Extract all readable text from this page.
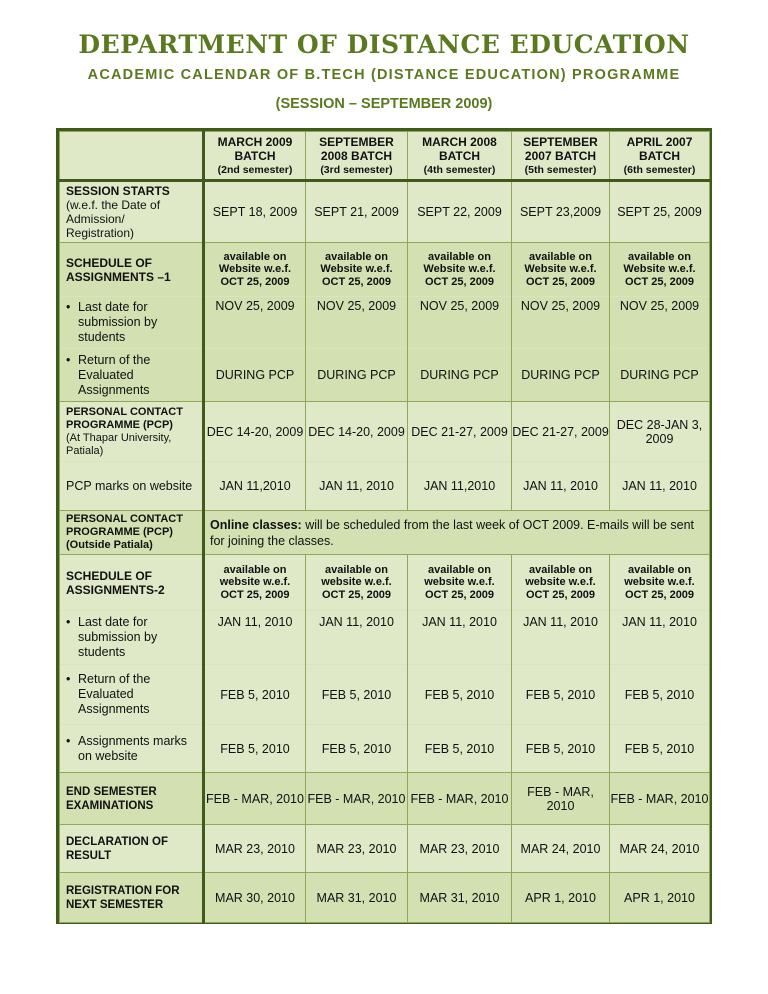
DEPARTMENT OF DISTANCE EDUCATION
ACADEMIC CALENDAR OF B.TECH (DISTANCE EDUCATION) PROGRAMME
(SESSION – SEPTEMBER 2009)
	MARCH 2009
BATCH
(2nd semester)	SEPTEMBER
2008 BATCH
(3rd semester)	MARCH 2008
BATCH
(4th semester)	SEPTEMBER
2007 BATCH
(5th semester)	APRIL 2007
BATCH
(6th semester)

SESSION STARTS
(w.e.f. the Date of Admission/ Registration)	SEPT 18, 2009	SEPT 21, 2009	SEPT 22, 2009	SEPT 23,2009	SEPT 25, 2009

SCHEDULE OF ASSIGNMENTS –1	available on
Website w.e.f.
OCT 25, 2009	available on
Website w.e.f.
OCT 25, 2009	available on
Website w.e.f.
OCT 25, 2009	available on
Website w.e.f.
OCT 25, 2009	available on
Website w.e.f.
OCT 25, 2009

• Last date for submission by students	NOV 25, 2009	NOV 25, 2009	NOV 25, 2009	NOV 25, 2009	NOV 25, 2009

• Return of the Evaluated Assignments	DURING PCP	DURING PCP	DURING PCP	DURING PCP	DURING PCP

PERSONAL CONTACT PROGRAMME (PCP)
(At Thapar University, Patiala)	DEC 14-20, 2009	DEC 14-20, 2009	DEC 21-27, 2009	DEC 21-27, 2009	DEC 28-JAN 3, 2009
PCP marks on website	JAN 11,2010	JAN 11, 2010	JAN 11,2010	JAN 11, 2010	JAN 11, 2010

PERSONAL CONTACT PROGRAMME (PCP) (Outside Patiala)	Online classes: will be scheduled from the last week of OCT 2009. E-mails will be sent for joining the classes.				

SCHEDULE OF ASSIGNMENTS-2	available on
website w.e.f.
OCT 25, 2009	available on
website w.e.f.
OCT 25, 2009	available on
website w.e.f.
OCT 25, 2009	available on
website w.e.f.
OCT 25, 2009	available on
website w.e.f.
OCT 25, 2009

• Last date for submission by students	JAN 11, 2010	JAN 11, 2010	JAN 11, 2010	JAN 11, 2010	JAN 11, 2010

• Return of the Evaluated Assignments	FEB 5, 2010	FEB 5, 2010	FEB 5, 2010	FEB 5, 2010	FEB 5, 2010

• Assignments marks on website	FEB 5, 2010	FEB 5, 2010	FEB 5, 2010	FEB 5, 2010	FEB 5, 2010

END SEMESTER EXAMINATIONS	FEB - MAR, 2010	FEB - MAR, 2010	FEB - MAR, 2010	FEB - MAR, 2010	FEB - MAR, 2010

DECLARATION OF RESULT	MAR 23, 2010	MAR 23, 2010	MAR 23, 2010	MAR 24, 2010	MAR 24, 2010

REGISTRATION FOR NEXT SEMESTER	MAR 30, 2010	MAR 31, 2010	MAR 31, 2010	APR 1, 2010	APR 1, 2010
